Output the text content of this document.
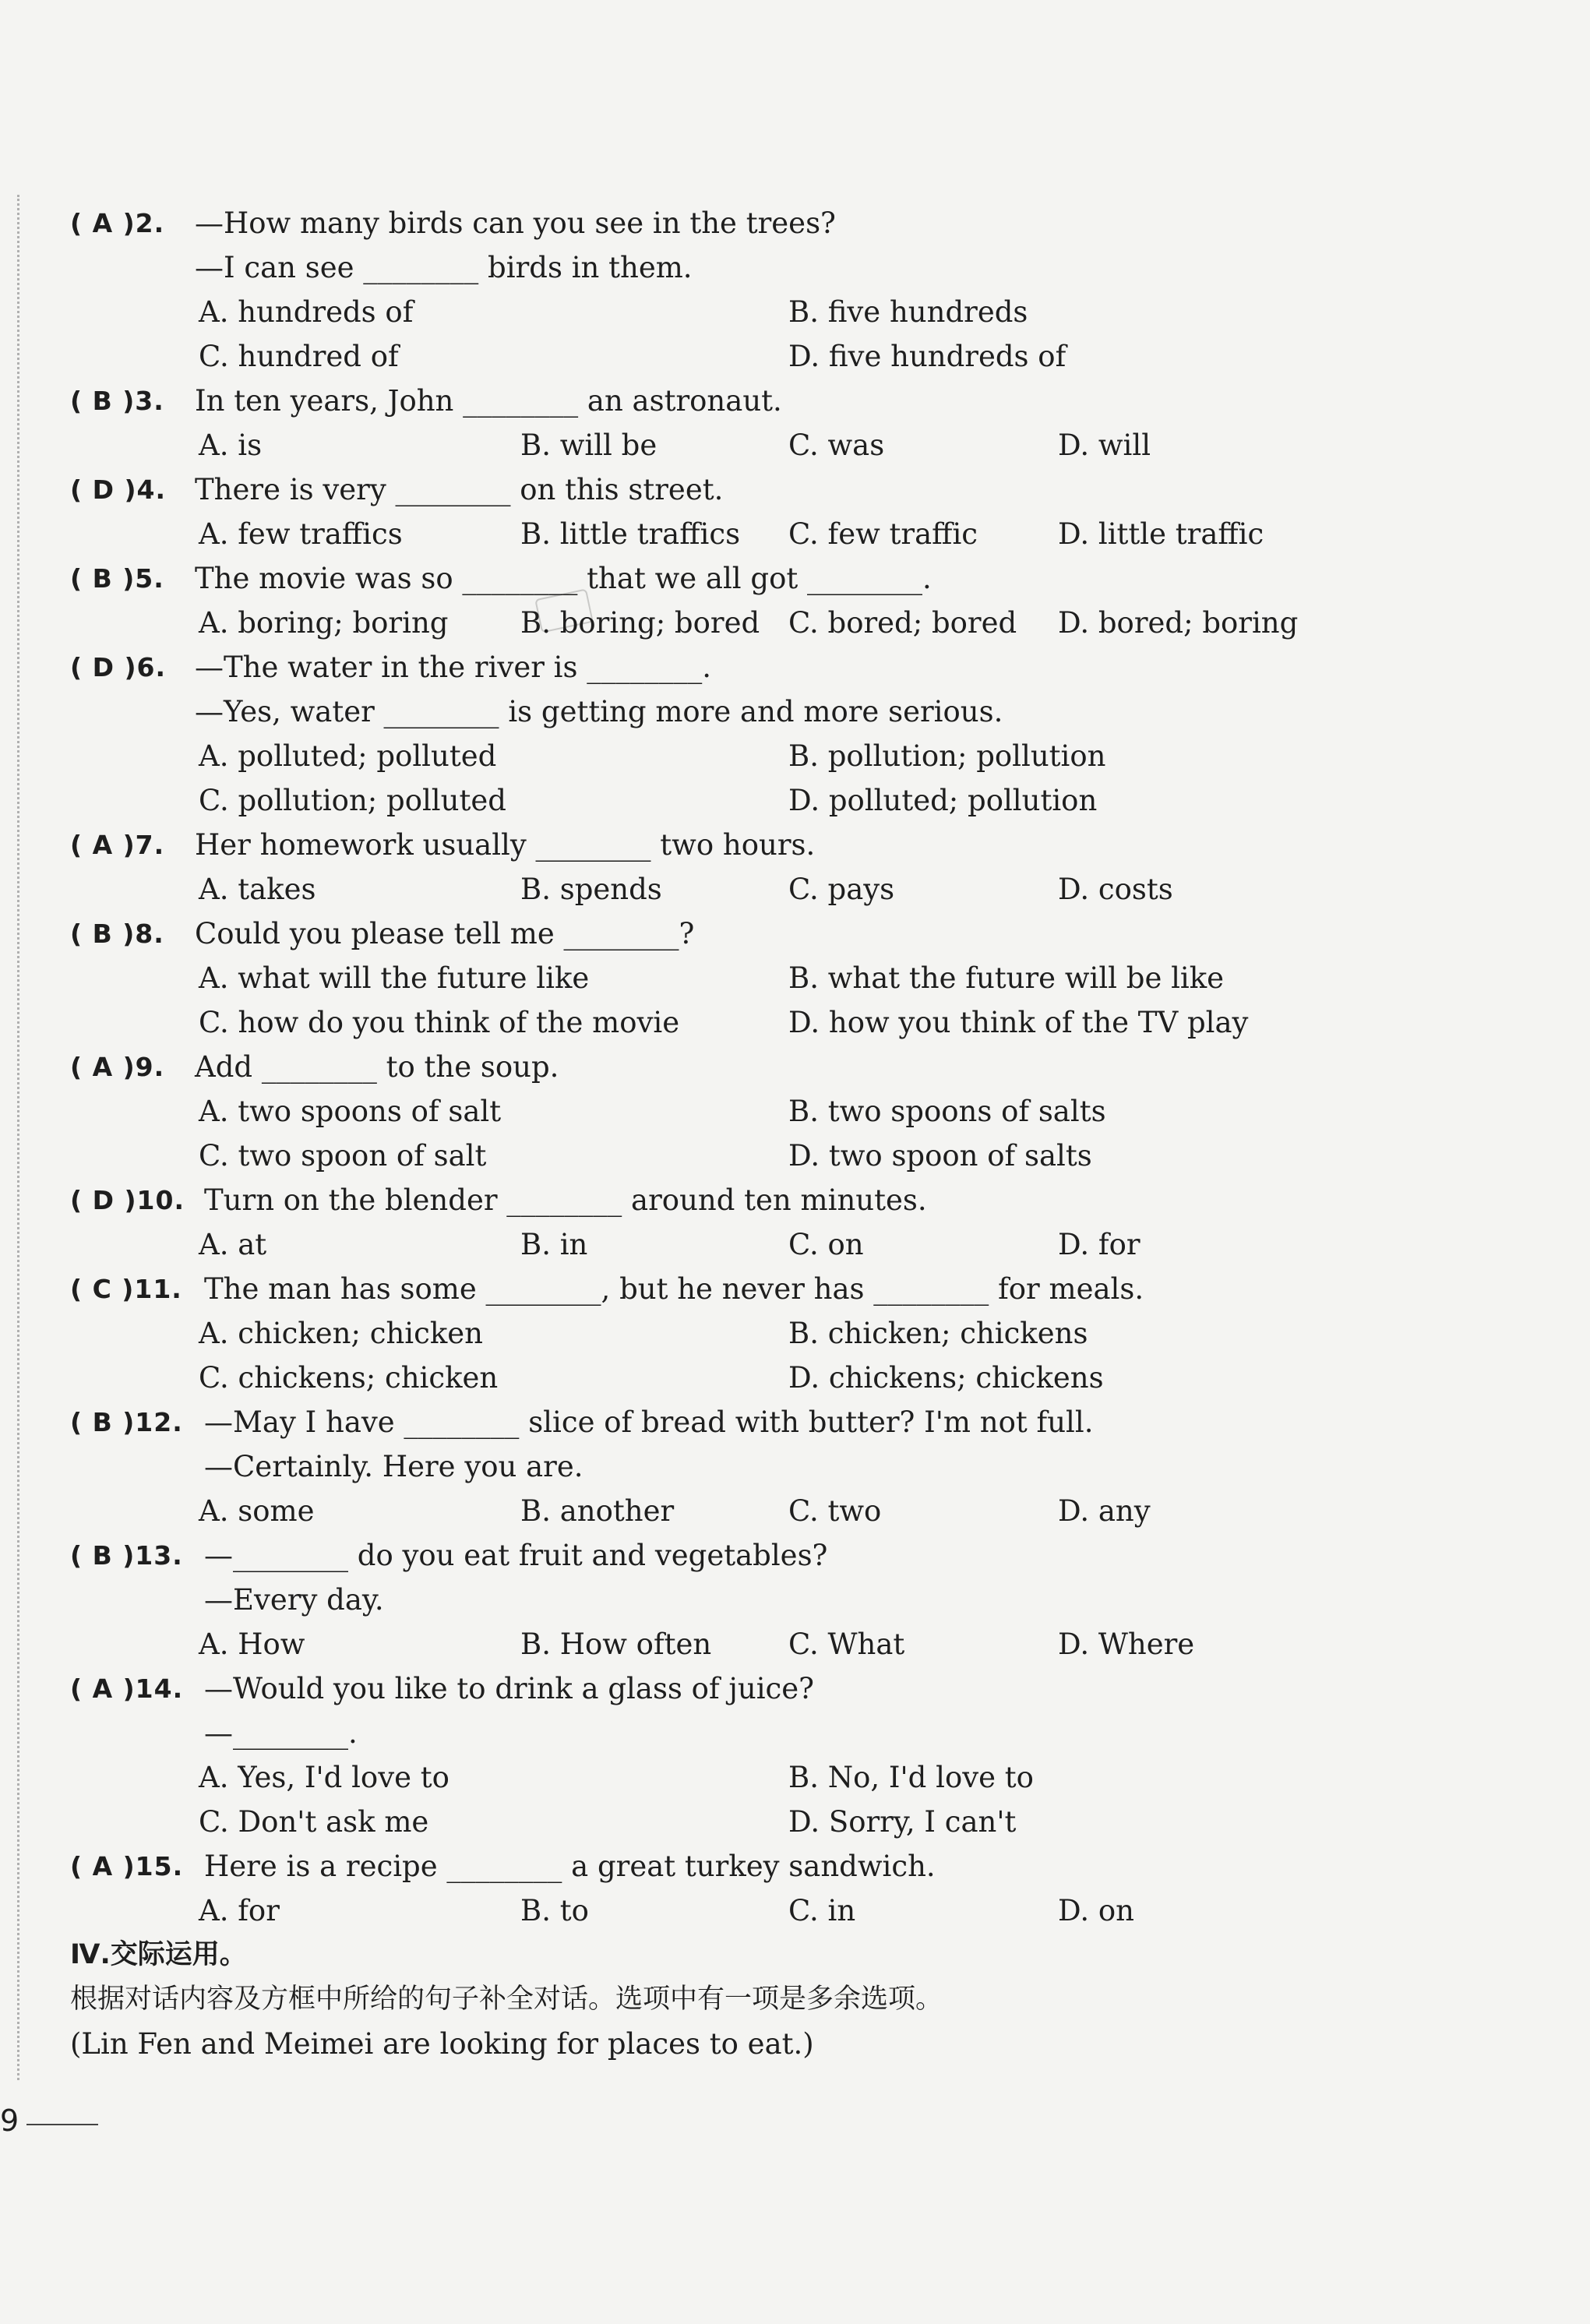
( A )2. —How many birds can you see in the trees?
—I can see ________ birds in them.
A. hundreds of	B. five hundreds
C. hundred of	D. five hundreds of
( B )3. In ten years, John ________ an astronaut.
A. is	B. will be	C. was	D. will
( D )4. There is very ________ on this street.
A. few traffics	B. little traffics C. few traffic	D. little traffic
( B )5. The movie was so ________ that we all got ________.
A. boring; boring	B. boring; bored C. bored; bored D. bored; boring
( D )6. —The water in the river is ________.
—Yes, water ________ is getting more and more serious.
A. polluted; polluted	B. pollution; pollution
C. pollution; polluted	D. polluted; pollution
( A )7. Her homework usually ________ two hours.
A. takes	B. spends	C. pays	D. costs
( B )8. Could you please tell me ________?
A. what will the future like	B. what the future will be like
C. how do you think of the movie	D. how you think of the TV play
( A )9. Add ________ to the soup.
A. two spoons of salt	B. two spoons of salts
C. two spoon of salt	D. two spoon of salts
( D )10. Turn on the blender ________ around ten minutes.
A. at	B. in	C. on	D. for
( C )11. The man has some ________, but he never has ________ for meals.
A. chicken; chicken	B. chicken; chickens
C. chickens; chicken	D. chickens; chickens
( B )12. —May I have ________ slice of bread with butter? I'm not full.
—Certainly. Here you are.
A. some	B. another	C. two	D. any
( B )13. —________ do you eat fruit and vegetables?
—Every day.
A. How	B. How often	C. What	D. Where
( A )14. —Would you like to drink a glass of juice?
—________.
A. Yes, I'd love to	B. No, I'd love to
C. Don't ask me	D. Sorry, I can't
( A )15. Here is a recipe ________ a great turkey sandwich.
A. for	B. to	C. in	D. on
Ⅳ.交际运用。
根据对话内容及方框中所给的句子补全对话。选项中有一项是多余选项。
(Lin Fen and Meimei are looking for places to eat.)
9
